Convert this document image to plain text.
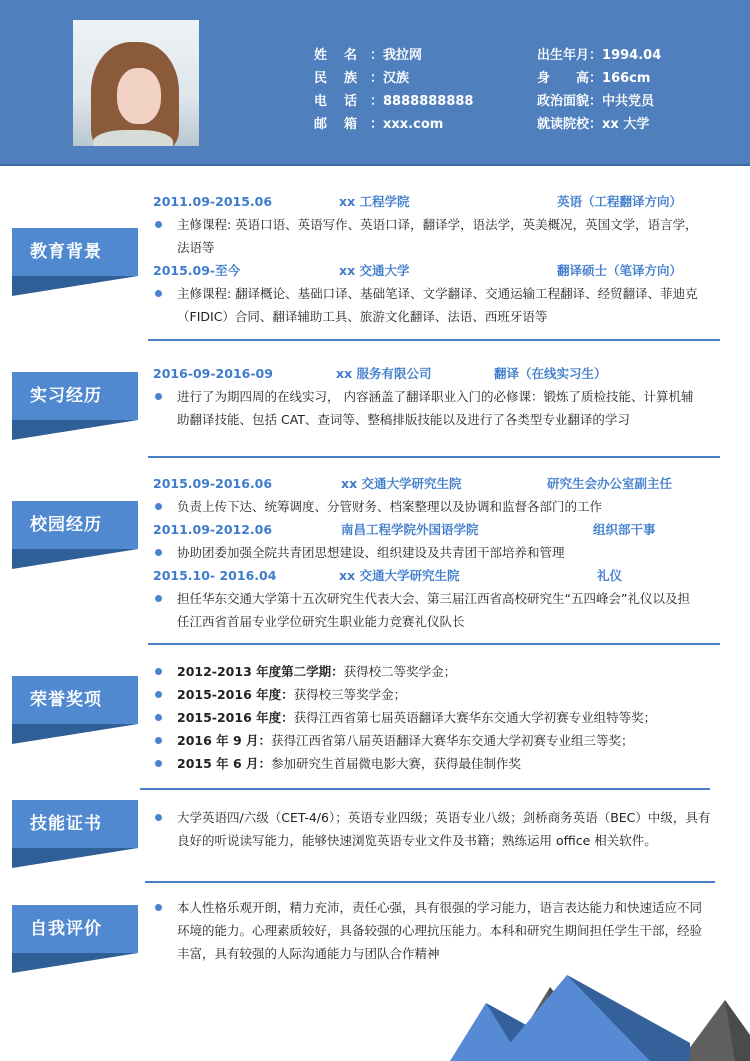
姓 名 ：我拉网
民 族 ：汉族
电 话 ：8888888888
邮 箱 ：xxx.com
出生年月：1994.04
身　　高：166cm
政治面貌：中共党员
就读院校：xx 大学
教育背景
2011.09-2015.06	xx 工程学院	英语（工程翻译方向）
主修课程: 英语口语、英语写作、英语口译，翻译学，语法学，英美概况，英国文学，语言学，法语等
2015.09-至今	xx 交通大学	翻译硕士（笔译方向）
主修课程: 翻译概论、基础口译、基础笔译、文学翻译、交通运输工程翻译、经贸翻译、菲迪克（FIDIC）合同、翻译辅助工具、旅游文化翻译、法语、西班牙语等
实习经历
2016-09-2016-09	xx 服务有限公司	翻译（在线实习生）
进行了为期四周的在线实习， 内容涵盖了翻译职业入门的必修课：锻炼了质检技能、计算机辅助翻译技能、包括 CAT、查词等、整稿排版技能以及进行了各类型专业翻译的学习
校园经历
2015.09-2016.06	xx 交通大学研究生院	研究生会办公室副主任
负责上传下达、统筹调度、分管财务、档案整理以及协调和监督各部门的工作
2011.09-2012.06	南昌工程学院外国语学院	组织部干事
协助团委加强全院共青团思想建设、组织建设及共青团干部培养和管理
2015.10- 2016.04	xx 交通大学研究生院	礼仪
担任华东交通大学第十五次研究生代表大会、第三届江西省高校研究生“五四峰会”礼仪以及担任江西省首届专业学位研究生职业能力竞赛礼仪队长
荣誉奖项
2012-2013 年度第二学期：获得校二等奖学金；
2015-2016 年度：获得校三等奖学金；
2015-2016 年度：获得江西省第七届英语翻译大赛华东交通大学初赛专业组特等奖；
2016 年 9 月：获得江西省第八届英语翻译大赛华东交通大学初赛专业组三等奖；
2015 年 6 月：参加研究生首届微电影大赛，获得最佳制作奖
技能证书	大学英语四/六级（CET-4/6）；英语专业四级；英语专业八级；剑桥商务英语（BEC）中级，具有良好的听说读写能力，能够快速浏览英语专业文件及书籍；熟练运用 office 相关软件。
自我评价
本人性格乐观开朗，精力充沛，责任心强，具有很强的学习能力，语言表达能力和快速适应不同环境的能力。心理素质较好，具备较强的心理抗压能力。本科和研究生期间担任学生干部，经验丰富，具有较强的人际沟通能力与团队合作精神
